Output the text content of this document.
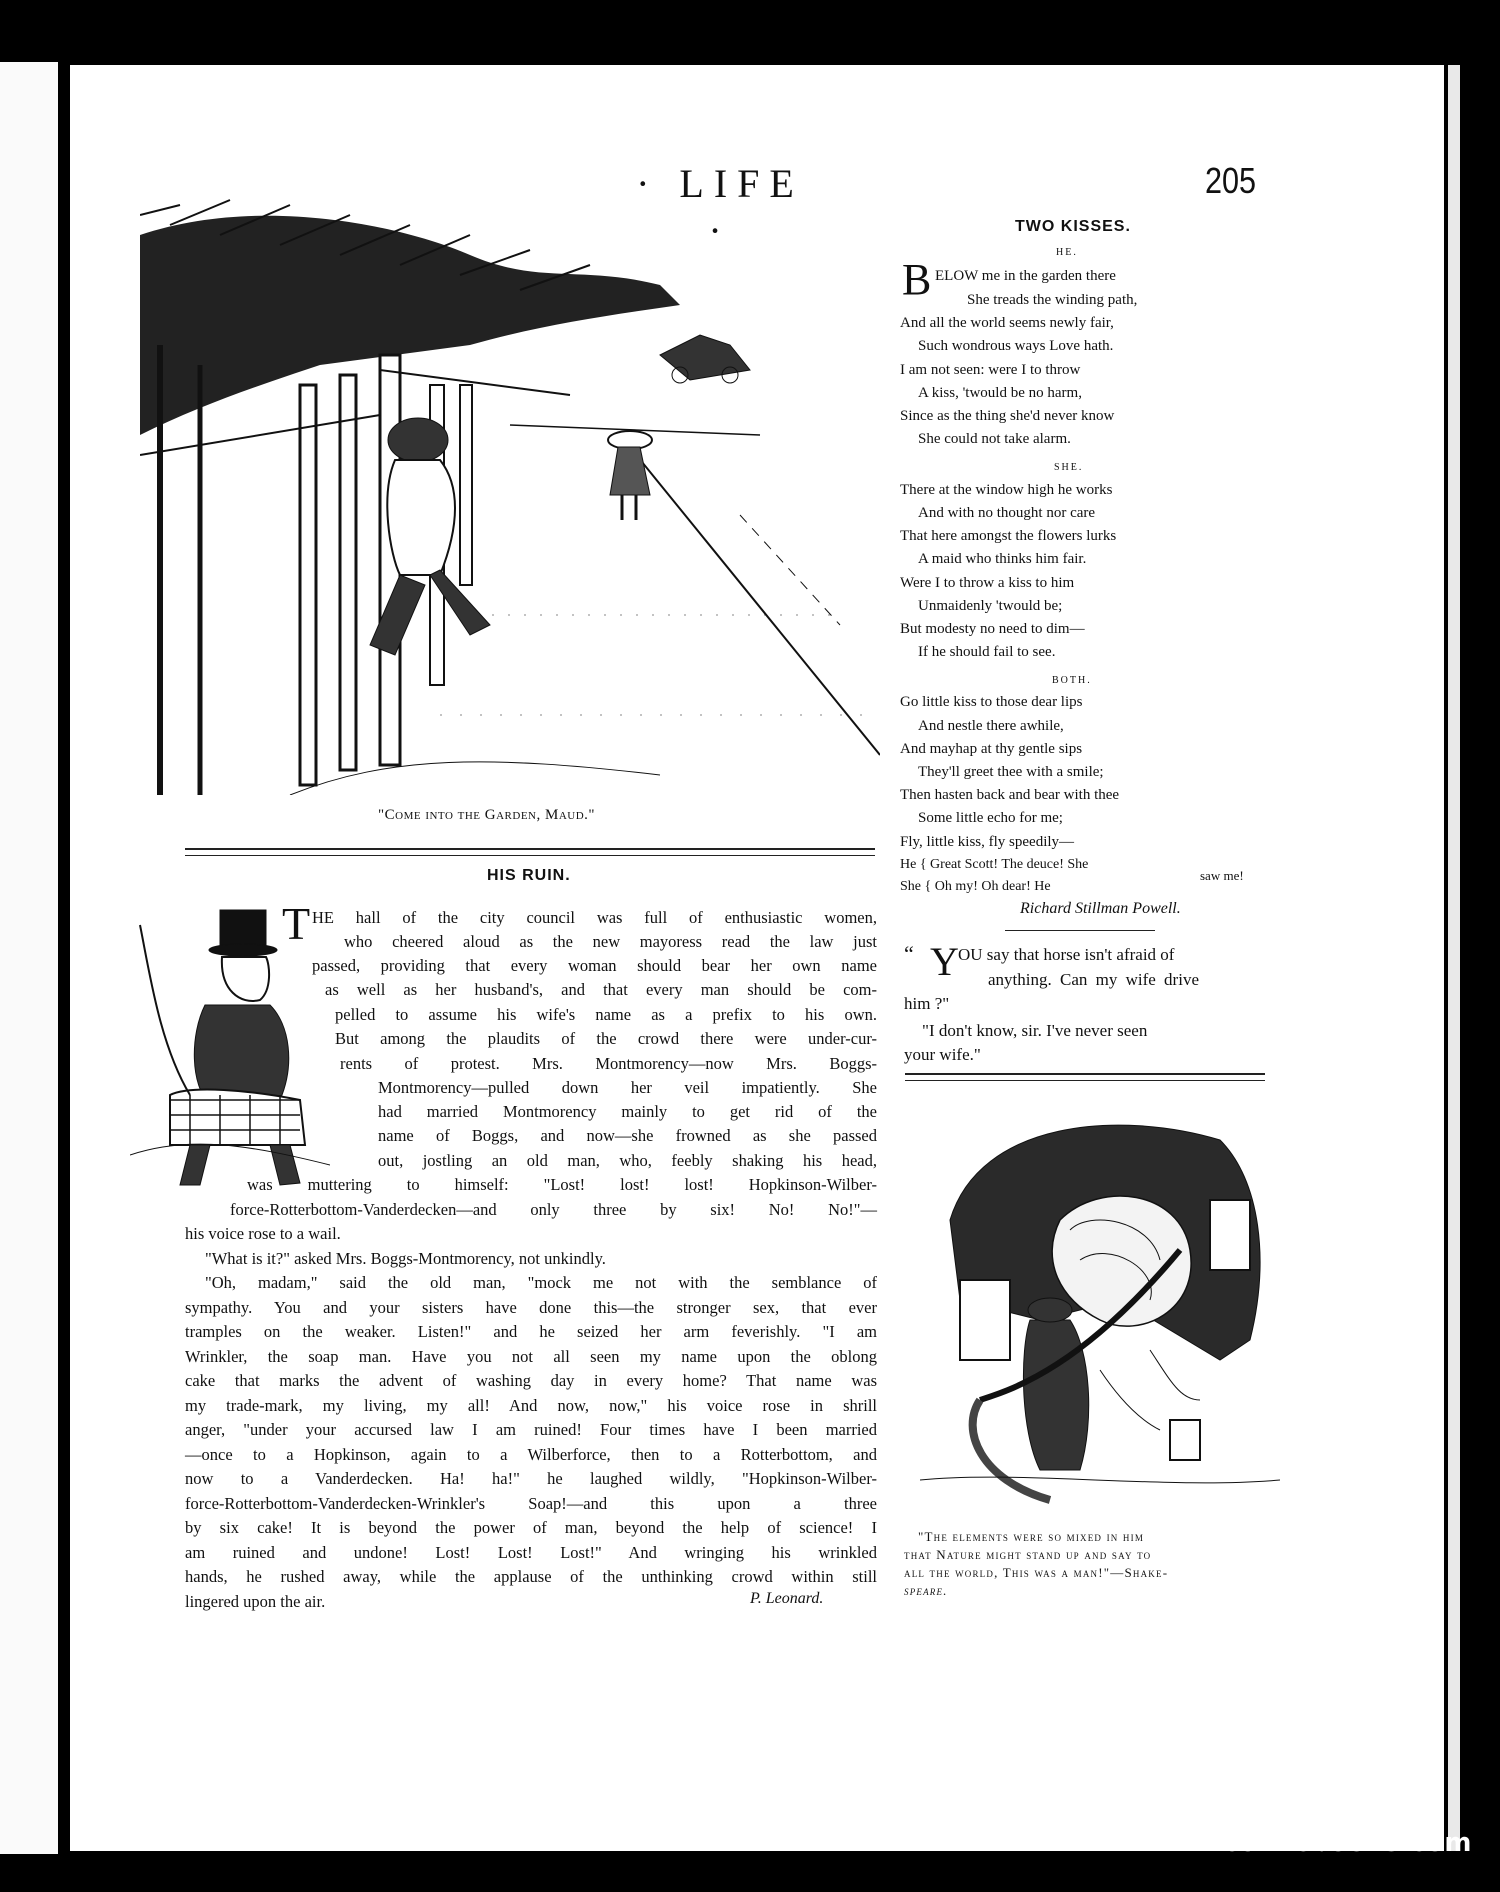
· LIFE ·
205
"Come into the Garden, Maud."
TWO KISSES.
HE.
B ELOW me in the garden there
She treads the winding path,
And all the world seems newly fair,
Such wondrous ways Love hath.
I am not seen: were I to throw
A kiss, 'twould be no harm,
Since as the thing she'd never know
She could not take alarm.
SHE.
There at the window high he works
And with no thought nor care
That here amongst the flowers lurks
A maid who thinks him fair.
Were I to throw a kiss to him
Unmaidenly 'twould be;
But modesty no need to dim—
If he should fail to see.
BOTH.
Go little kiss to those dear lips
And nestle there awhile,
And mayhap at thy gentle sips
They'll greet thee with a smile;
Then hasten back and bear with thee
Some little echo for me;
Fly, little kiss, fly speedily—
He { Great Scott! The deuce! She
She { Oh my! Oh dear! He
saw me!
Richard Stillman Powell.
Y
“	OU say that horse isn't afraid of
anything. Can my wife drive
him ?"
"I don't know, sir. I've never seen
your wife."
HIS RUIN.
T HE hall of the city council was full of enthusiastic women,
who cheered aloud as the new mayoress read the law just
passed, providing that every woman should bear her own name
as well as her husband's, and that every man should be com-
pelled to assume his wife's name as a prefix to his own.
But among the plaudits of the crowd there were under-cur-
rents of protest. Mrs. Montmorency—now Mrs. Boggs-
Montmorency—pulled down her veil impatiently. She
had married Montmorency mainly to get rid of the
name of Boggs, and now—she frowned as she passed
out, jostling an old man, who, feebly shaking his head,
was muttering to himself: "Lost! lost! lost! Hopkinson-Wilber-
force-Rotterbottom-Vanderdecken—and only three by six! No! No!"—
his voice rose to a wail.
"What is it?" asked Mrs. Boggs-Montmorency, not unkindly.
"Oh, madam," said the old man, "mock me not with the semblance of
sympathy. You and your sisters have done this—the stronger sex, that ever
tramples on the weaker. Listen!" and he seized her arm feverishly. "I am
Wrinkler, the soap man. Have you not all seen my name upon the oblong
cake that marks the advent of washing day in every home? That name was
my trade-mark, my living, my all! And now, now," his voice rose in shrill
anger, "under your accursed law I am ruined! Four times have I been married
—once to a Hopkinson, again to a Wilberforce, then to a Rotterbottom, and
now to a Vanderdecken. Ha! ha!" he laughed wildly, "Hopkinson-Wilber-
force-Rotterbottom-Vanderdecken-Wrinkler's Soap!—and this upon a three
by six cake! It is beyond the power of man, beyond the help of science! I
am ruined and undone! Lost! Lost! Lost!" And wringing his wrinkled
hands, he rushed away, while the applause of the unthinking crowd within still
lingered upon the air.	P. Leonard.
"The elements were so mixed in him
that Nature might stand up and say to
all the world, This was a man!"—Shake-
speare.
comicbooks.com
